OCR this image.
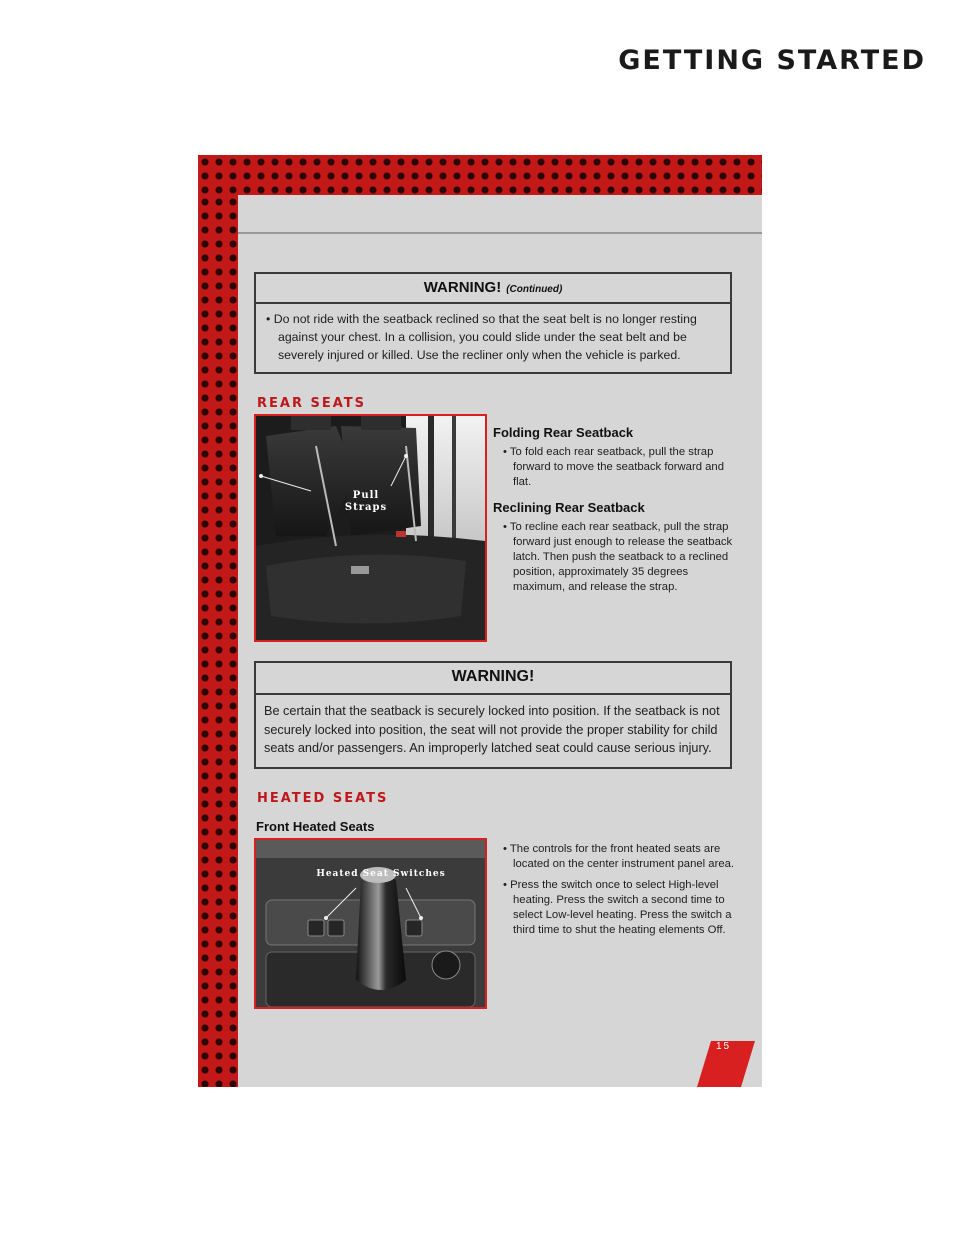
GETTING STARTED
WARNING! (Continued)

• Do not ride with the seatback reclined so that the seat belt is no longer resting against your chest. In a collision, you could slide under the seat belt and be severely injured or killed. Use the recliner only when the vehicle is parked.

REAR SEATS
Pull
Straps
Folding Rear Seatback
• To fold each rear seatback, pull the strap forward to move the seatback forward and flat.
Reclining Rear Seatback
• To recline each rear seatback, pull the strap forward just enough to release the seatback latch. Then push the seatback to a reclined position, approximately 35 degrees maximum, and release the strap.
WARNING!
Be certain that the seatback is securely locked into position. If the seatback is not securely locked into position, the seat will not provide the proper stability for child seats and/or passengers. An improperly latched seat could cause serious injury.
HEATED SEATS
Front Heated Seats
Heated Seat Switches
• The controls for the front heated seats are located on the center instrument panel area.
• Press the switch once to select High-level heating. Press the switch a second time to select Low-level heating. Press the switch a third time to shut the heating elements Off.
15
